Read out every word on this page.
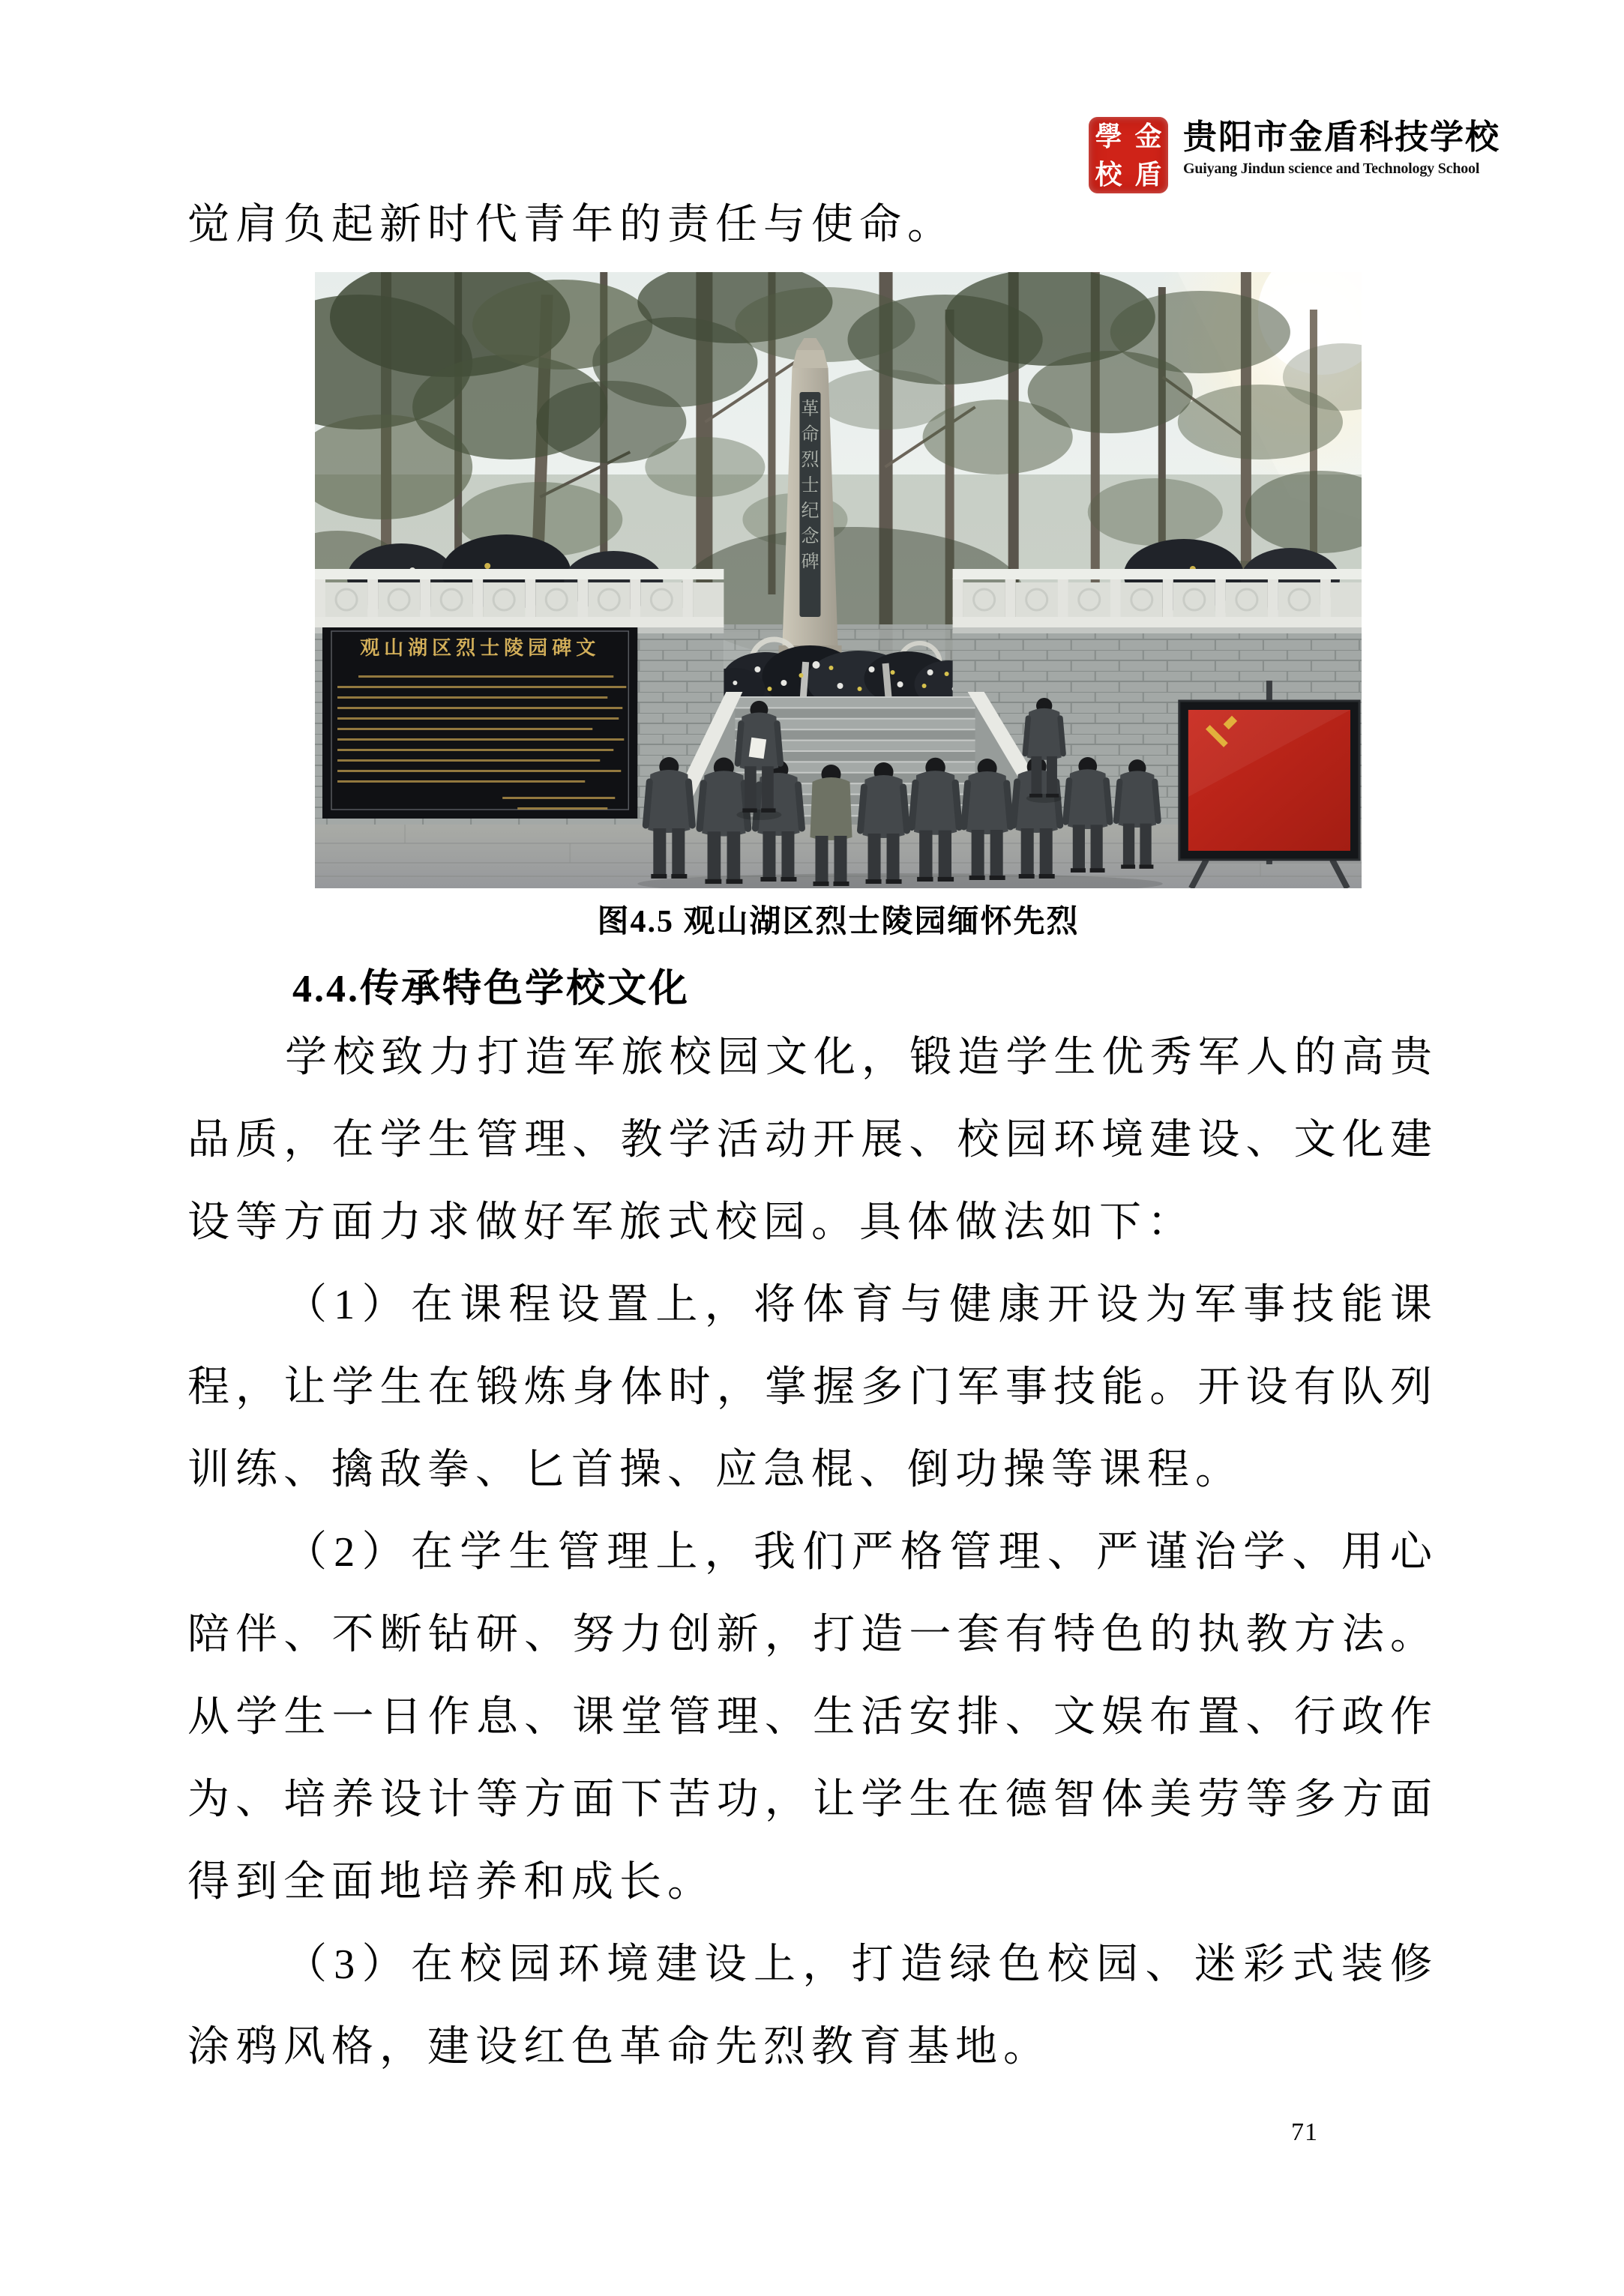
學 金
校 盾
贵阳市金盾科技学校
Guiyang Jindun science and Technology School
觉肩负起新时代青年的责任与使命。
革命烈士纪念碑
观山湖区烈士陵园碑文
图4.5 观山湖区烈士陵园缅怀先烈
4.4.传承特色学校文化

学校致力打造军旅校园文化，锻造学生优秀军人的高贵品质，在学生管理、教学活动开展、校园环境建设、文化建设等方面力求做好军旅式校园。具体做法如下：

（1）在课程设置上，将体育与健康开设为军事技能课程，让学生在锻炼身体时，掌握多门军事技能。开设有队列训练、擒敌拳、匕首操、应急棍、倒功操等课程。

（2）在学生管理上，我们严格管理、严谨治学、用心陪伴、不断钻研、努力创新，打造一套有特色的执教方法。从学生一日作息、课堂管理、生活安排、文娱布置、行政作为、培养设计等方面下苦功，让学生在德智体美劳等多方面得到全面地培养和成长。

（3）在校园环境建设上，打造绿色校园、迷彩式装修涂鸦风格，建设红色革命先烈教育基地。

71
